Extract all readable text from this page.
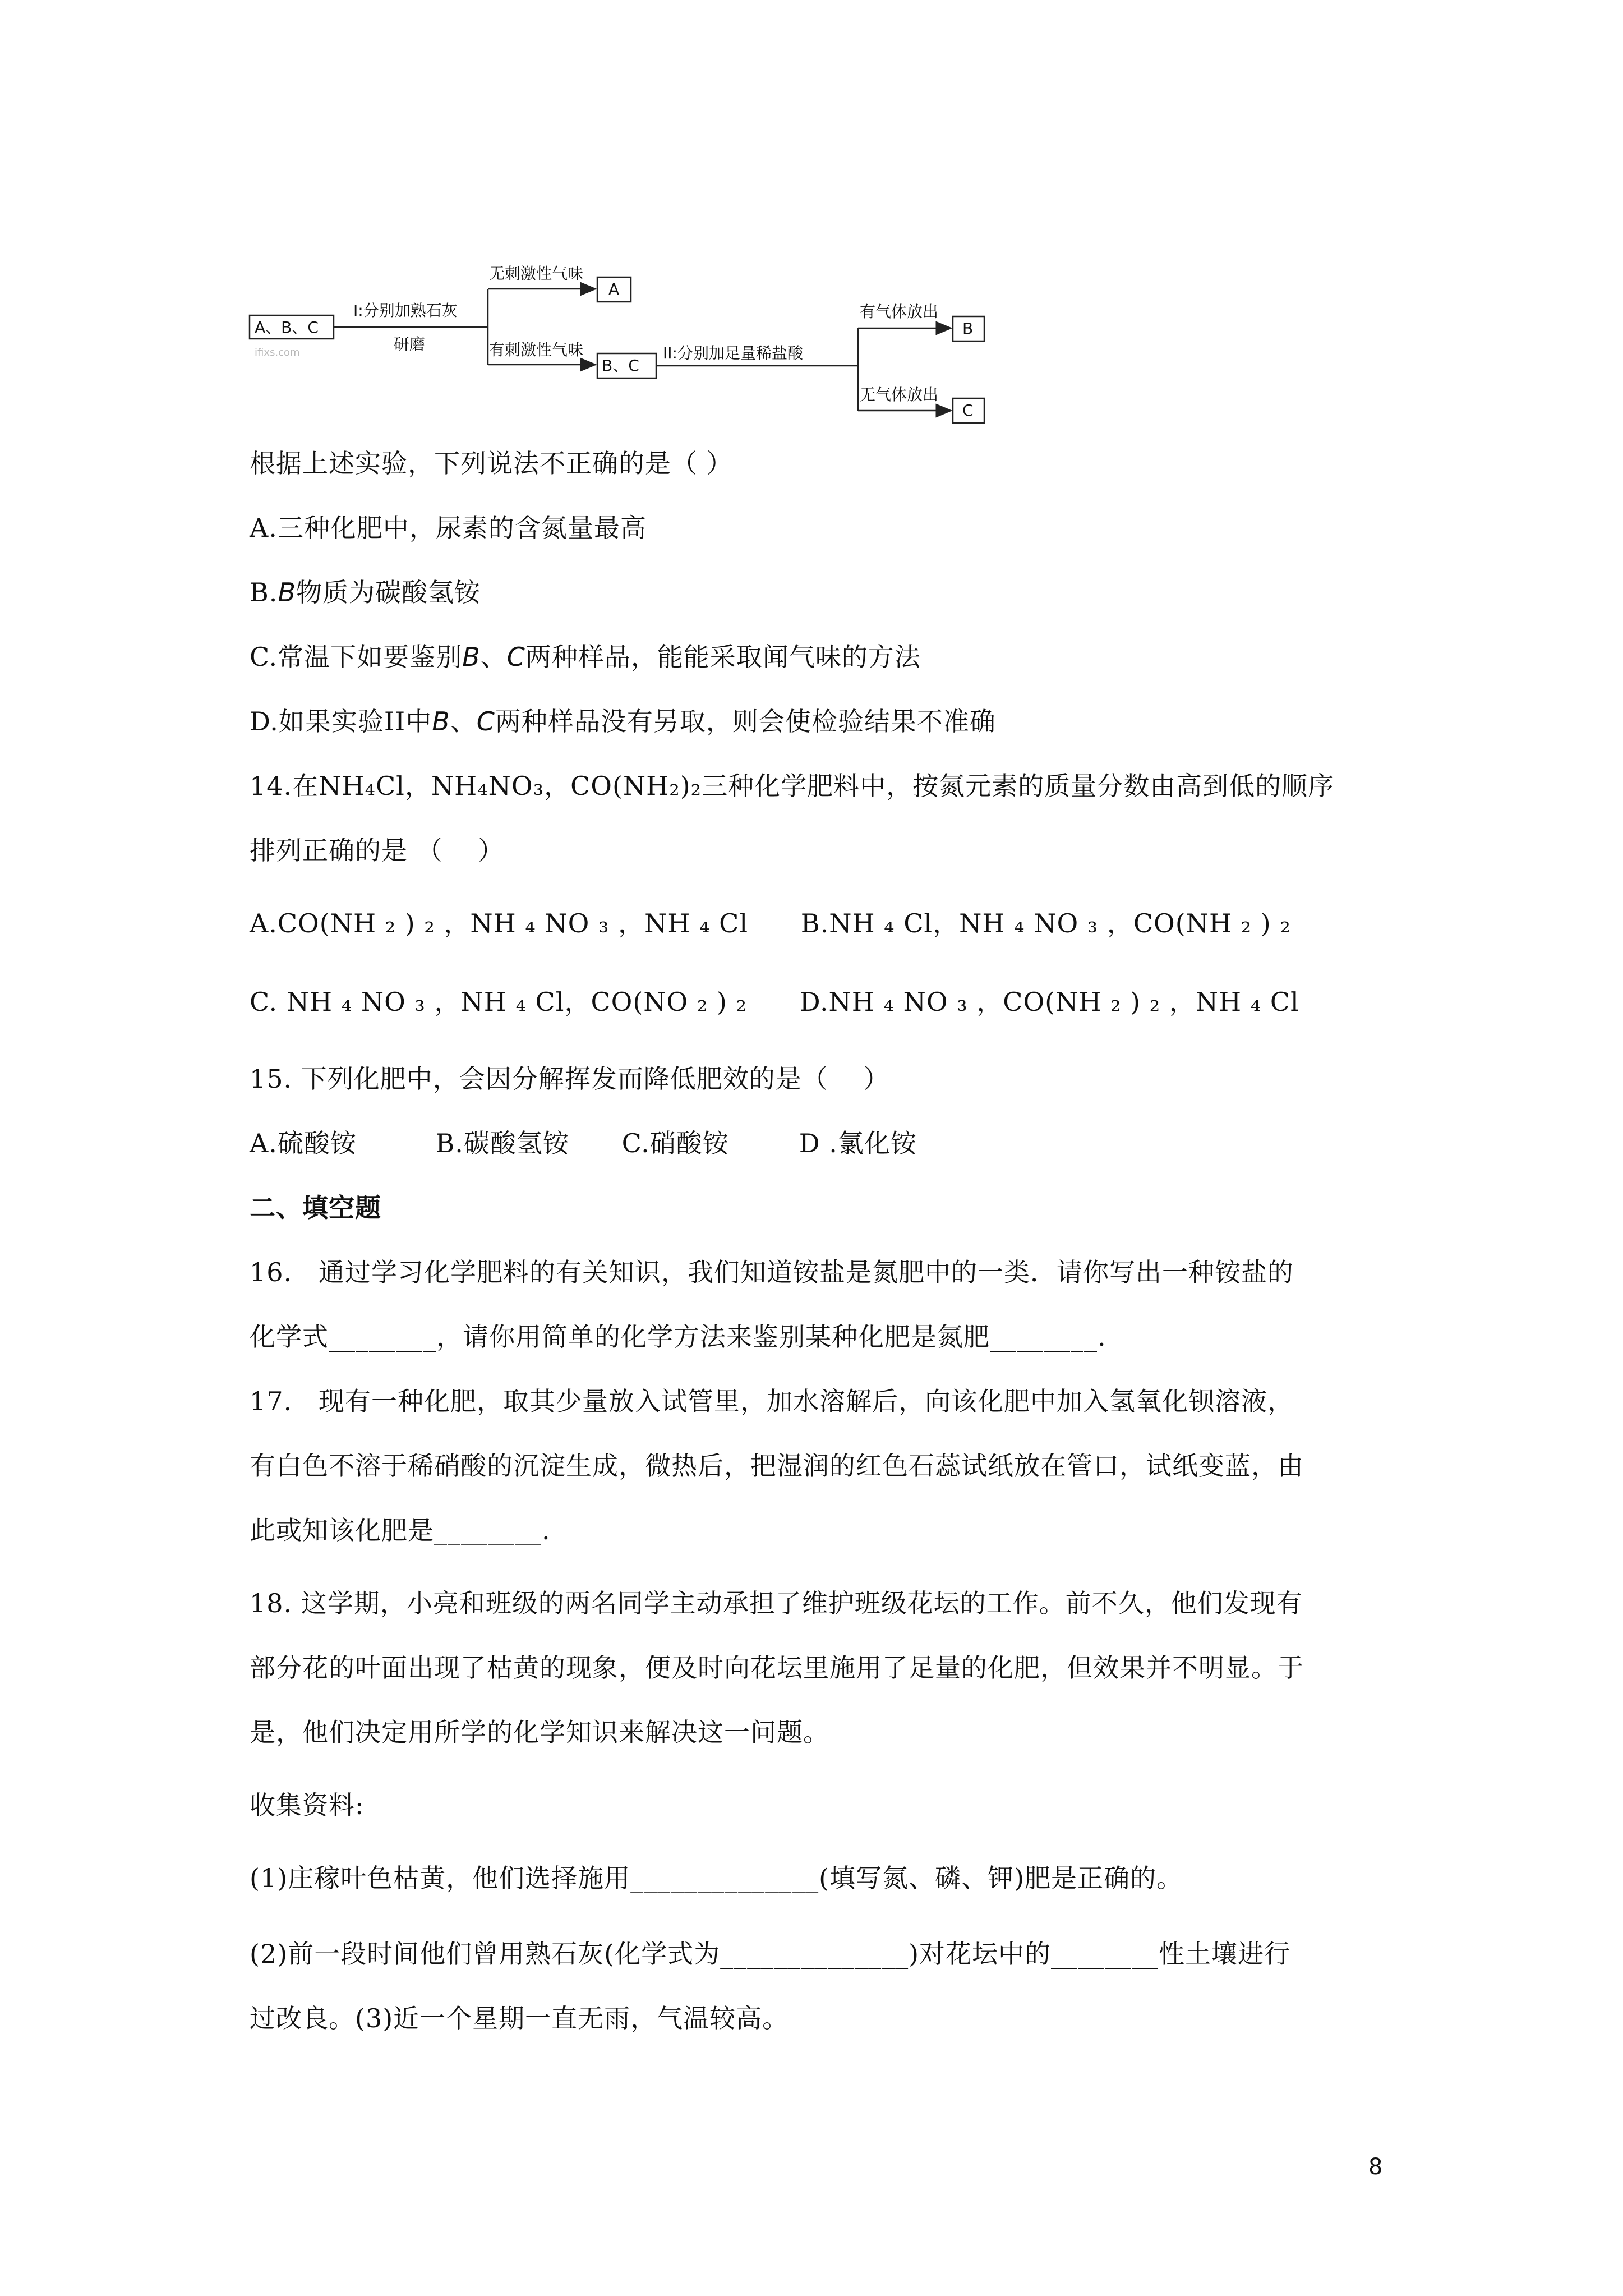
A、B、C
ifixs.com
I:分别加熟石灰
研磨
无刺激性气味
A
有刺激性气味
B、C
II:分别加足量稀盐酸
有气体放出
B
无气体放出
C
根据上述实验，下列说法不正确的是（ ）
A.三种化肥中，尿素的含氮量最高
B.B物质为碳酸氢铵
C.常温下如要鉴别B、C两种样品，能能采取闻气味的方法
D.如果实验II中B、C两种样品没有另取，则会使检验结果不准确
14.在NH₄Cl，NH₄NO₃，CO(NH₂)₂三种化学肥料中，按氮元素的质量分数由高到低的顺序
排列正确的是 （    ）
A.CO(NH ₂ ) ₂ ，NH ₄ NO ₃ ，NH ₄ Cl      B.NH ₄ Cl，NH ₄ NO ₃ ，CO(NH ₂ ) ₂
C. NH ₄ NO ₃ ，NH ₄ Cl，CO(NO ₂ ) ₂      D.NH ₄ NO ₃ ，CO(NH ₂ ) ₂ ，NH ₄ Cl
15. 下列化肥中，会因分解挥发而降低肥效的是（    ）
A.硫酸铵         B.碳酸氢铵      C.硝酸铵        D .氯化铵
二、填空题
16.   通过学习化学肥料的有关知识，我们知道铵盐是氮肥中的一类．请你写出一种铵盐的
化学式________，请你用简单的化学方法来鉴别某种化肥是氮肥________.
17.   现有一种化肥，取其少量放入试管里，加水溶解后，向该化肥中加入氢氧化钡溶液，
有白色不溶于稀硝酸的沉淀生成，微热后，把湿润的红色石蕊试纸放在管口，试纸变蓝，由
此或知该化肥是________.
18. 这学期，小亮和班级的两名同学主动承担了维护班级花坛的工作。前不久，他们发现有
部分花的叶面出现了枯黄的现象，便及时向花坛里施用了足量的化肥，但效果并不明显。于
是，他们决定用所学的化学知识来解决这一问题。
收集资料:
(1)庄稼叶色枯黄，他们选择施用______________(填写氮、磷、钾)肥是正确的。
(2)前一段时间他们曾用熟石灰(化学式为______________)对花坛中的________性土壤进行
过改良。(3)近一个星期一直无雨，气温较高。
8
